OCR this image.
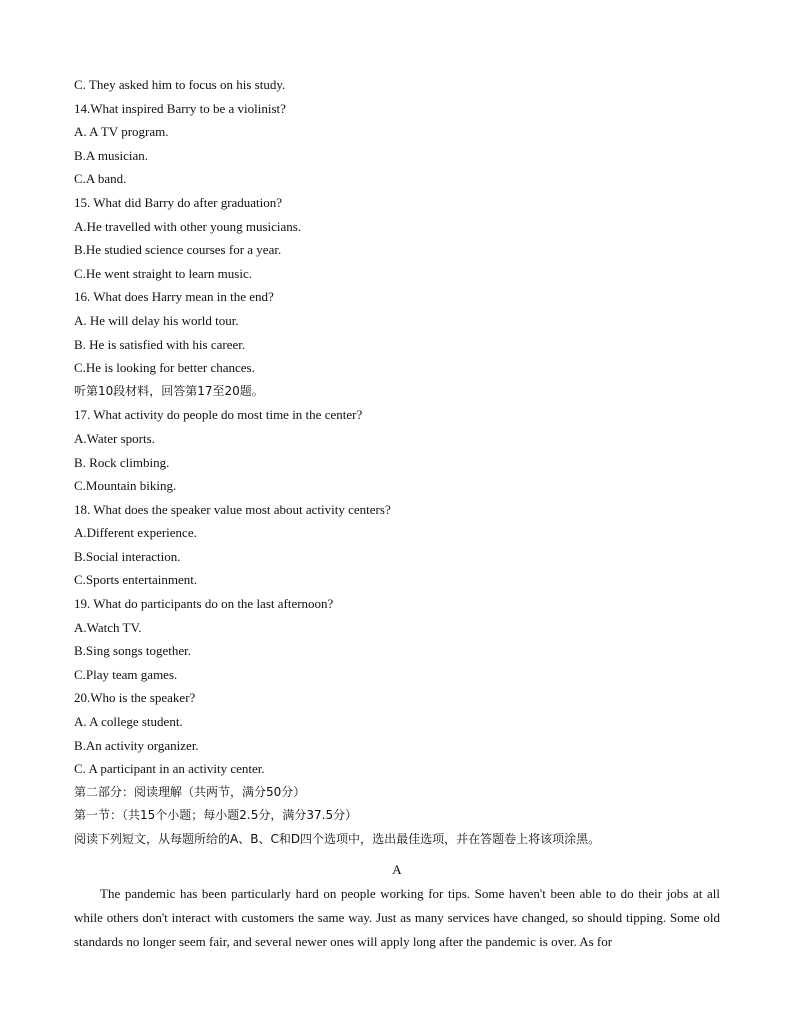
C. They asked him to focus on his study.
14.What inspired Barry to be a violinist?
A. A TV program.
B.A musician.
C.A band.
15. What did Barry do after graduation?
A.He travelled with other young musicians.
B.He studied science courses for a year.
C.He went straight to learn music.
16. What does Harry mean in the end?
A. He will delay his world tour.
B. He is satisfied with his career.
C.He is looking for better chances.
听第10段材料，回答第17至20题。
17. What activity do people do most time in the center?
A.Water sports.
B. Rock climbing.
C.Mountain biking.
18. What does the speaker value most about activity centers?
A.Different experience.
B.Social interaction.
C.Sports entertainment.
19. What do participants do on the last afternoon?
A.Watch TV.
B.Sing songs together.
C.Play team games.
20.Who is the speaker?
A. A college student.
B.An activity organizer.
C. A participant in an activity center.
第二部分：阅读理解（共两节，满分50分）
第一节：（共15个小题；每小题2.5分，满分37.5分）
阅读下列短文，从每题所给的A、B、C和D四个选项中，选出最佳选项，并在答题卷上将该项涂黑。
A

The pandemic has been particularly hard on people working for tips. Some haven't been able to do their jobs at all while others don't interact with customers the same way. Just as many services have changed, so should tipping. Some old standards no longer seem fair, and several newer ones will apply long after the pandemic is over. As for
